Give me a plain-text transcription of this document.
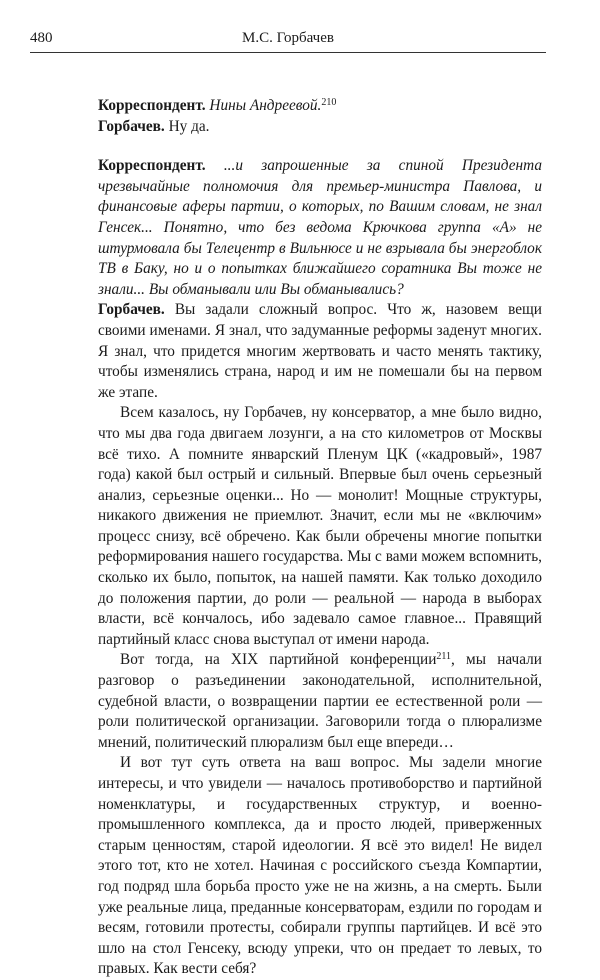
480	М.С. Горбачев

Корреспондент. Нины Андреевой.$^{210}$

Горбачев. Ну да.

Корреспондент. ...и запрошенные за спиной Президента чрезвычайные полномочия для премьер-министра Павлова, и финансовые аферы партии, о которых, по Вашим словам, не знал Генсек... Понятно, что без ведома Крючкова группа «А» не штурмовала бы Телецентр в Вильнюсе и не взрывала бы энергоблок ТВ в Баку, но и о попытках ближайшего соратника Вы тоже не знали... Вы обманывали или Вы обманывались?

Горбачев. Вы задали сложный вопрос. Что ж, назовем вещи своими именами. Я знал, что задуманные реформы заденут многих. Я знал, что придется многим жертвовать и часто менять тактику, чтобы изменялись страна, народ и им не помешали бы на первом же этапе.

Всем казалось, ну Горбачев, ну консерватор, а мне было видно, что мы два года двигаем лозунги, а на сто километров от Москвы всё тихо. А помните январский Пленум ЦК («кадровый», 1987 года) какой был острый и сильный. Впервые был очень серьезный анализ, серьезные оценки... Но — монолит! Мощные структуры, никакого движения не приемлют. Значит, если мы не «включим» процесс снизу, всё обречено. Как были обречены многие попытки реформирования нашего государства. Мы с вами можем вспомнить, сколько их было, попыток, на нашей памяти. Как только доходило до положения партии, до роли — реальной — народа в выборах власти, всё кончалось, ибо задевало самое главное... Правящий партийный класс снова выступал от имени народа.

Вот тогда, на XIX партийной конференции$^{211}$, мы начали разговор о разъединении законодательной, исполнительной, судебной власти, о возвращении партии ее естественной роли — роли политической организации. Заговорили тогда о плюрализме мнений, политический плюрализм был еще впереди…

И вот тут суть ответа на ваш вопрос. Мы задели многие интересы, и что увидели — началось противоборство и партийной номенклатуры, и государственных структур, и военно-промышленного комплекса, да и просто людей, приверженных старым ценностям, старой идеологии. Я всё это видел! Не видел этого тот, кто не хотел. Начиная с российского съезда Компартии, год подряд шла борьба просто уже не на жизнь, а на смерть. Были уже реальные лица, преданные консерваторам, ездили по городам и весям, готовили протесты, собирали группы партийцев. И всё это шло на стол Генсеку, всюду упреки, что он предает то левых, то правых. Как вести себя?
